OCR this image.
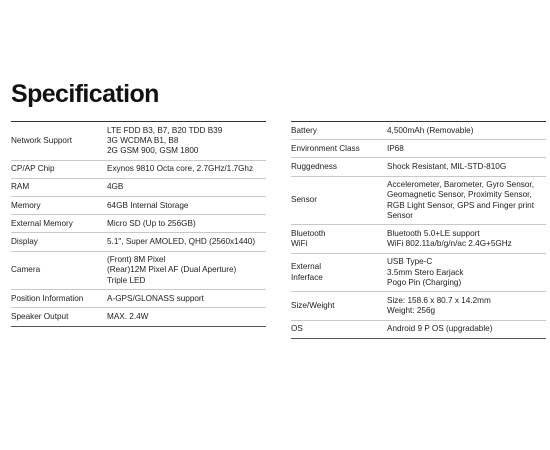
Specification
Network Support	LTE FDD B3, B7, B20 TDD B39
3G WCDMA B1, B8
2G GSM 900, GSM 1800

CP/AP Chip	Exynos 9810 Octa core, 2.7GHz/1.7Ghz

RAM	4GB

Memory	64GB Internal Storage

External Memory	Micro SD (Up to 256GB)

Display	5.1", Super AMOLED, QHD (2560x1440)

Camera	(Front) 8M Pixel
(Rear)12M Pixel AF (Dual Aperture)
Triple LED

Position Information	A-GPS/GLONASS support

Speaker Output	MAX. 2.4W
Battery	4,500mAh (Removable)

Environment Class	IP68

Ruggedness	Shock Resistant, MIL-STD-810G

Sensor	Accelerometer, Barometer, Gyro Sensor,
Geomagnetic Sensor, Proximity Sensor,
RGB Light Sensor, GPS and Finger print
Sensor

Bluetooth
WiFi	Bluetooth 5.0+LE support
WiFi 802.11a/b/g/n/ac 2.4G+5GHz

External
Inferface	USB Type-C
3.5mm Stero Earjack
Pogo Pin (Charging)

Size/Weight	Size: 158.6 x 80.7 x 14.2mm
Weight: 256g

OS	Android 9 P OS (upgradable)
